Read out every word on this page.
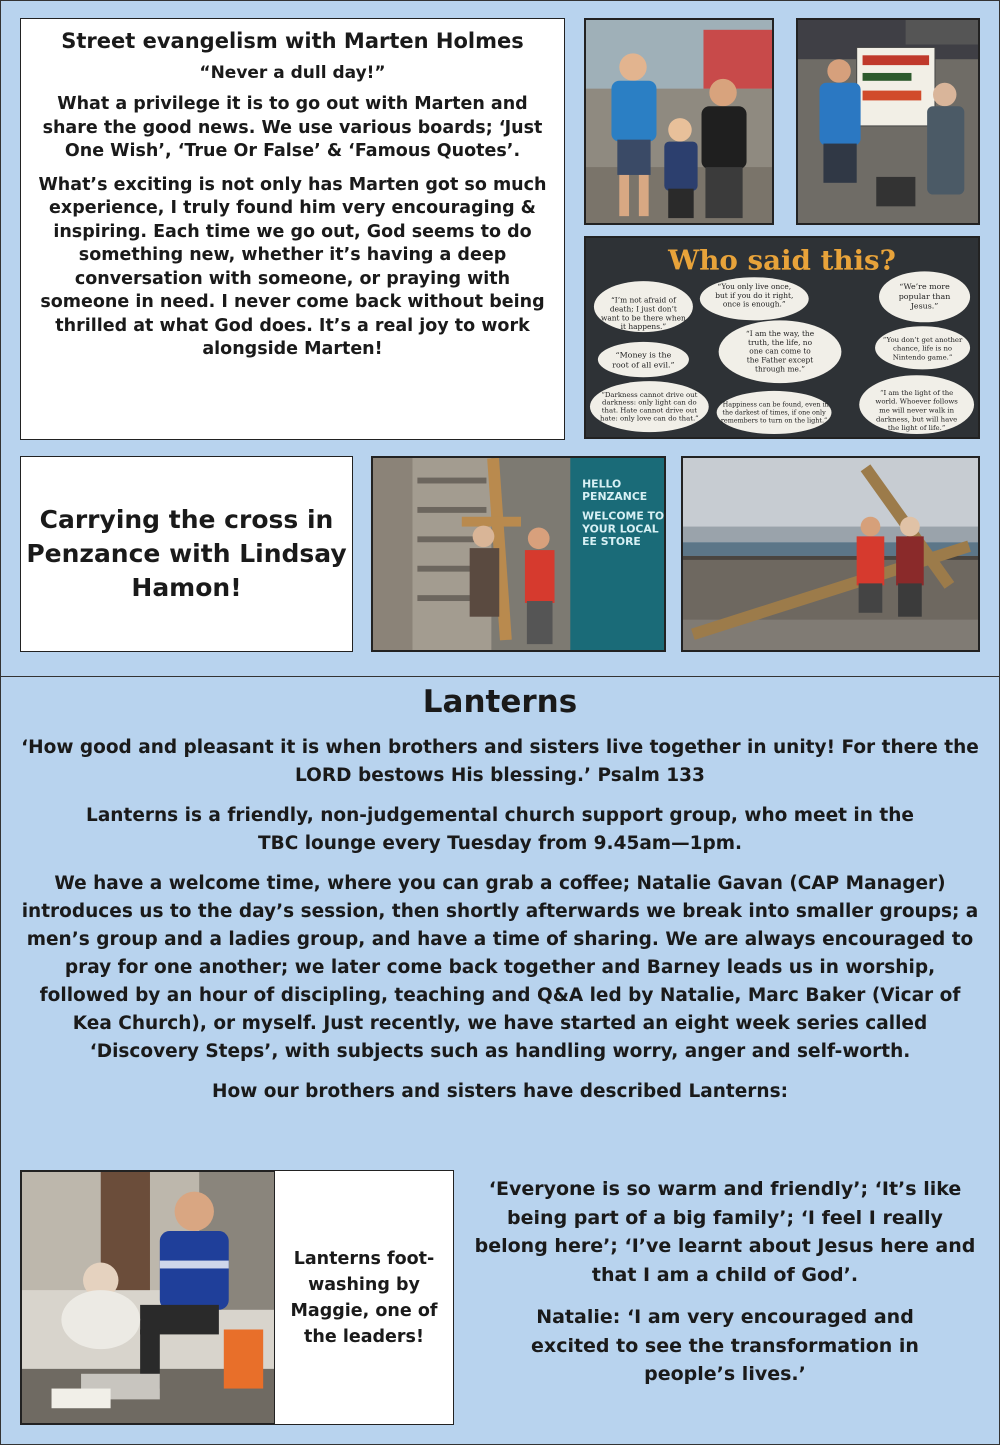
Street evangelism with Marten Holmes
“Never a dull day!”

What a privilege it is to go out with Marten and share the good news. We use various boards; ‘Just One Wish’, ‘True Or False’ & ‘Famous Quotes’.

What’s exciting is not only has Marten got so much experience, I truly found him very encouraging & inspiring. Each time we go out, God seems to do something new, whether it’s having a deep conversation with someone, or praying with someone in need. I never come back without being thrilled at what God does. It’s a real joy to work alongside Marten!

Who said this?
“I’m not afraid of death; I just don’t want to be there when it happens.”
“You only live once, but if you do it right, once is enough.”
“We’re more popular than Jesus.”
“Money is the root of all evil.”
“I am the way, the truth, the life, no one can come to the Father except through me.”
“You don’t get another chance, life is no Nintendo game.”
“Darkness cannot drive out darkness: only light can do that. Hate cannot drive out hate: only love can do that.”
“Happiness can be found, even in the darkest of times, if one only remembers to turn on the light.”
“I am the light of the world. Whoever follows me will never walk in darkness, but will have the light of life.”
Carrying the cross in Penzance with Lindsay Hamon!
HELLO PENZANCE WELCOME TO YOUR LOCAL EE STORE
Lanterns

‘How good and pleasant it is when brothers and sisters live together in unity! For there the LORD bestows His blessing.’ Psalm 133

Lanterns is a friendly, non-judgemental church support group, who meet in the TBC lounge every Tuesday from 9.45am—1pm.

We have a welcome time, where you can grab a coffee; Natalie Gavan (CAP Manager) introduces us to the day’s session, then shortly afterwards we break into smaller groups; a men’s group and a ladies group, and have a time of sharing. We are always encouraged to pray for one another; we later come back together and Barney leads us in worship, followed by an hour of discipling, teaching and Q&A led by Natalie, Marc Baker (Vicar of Kea Church), or myself. Just recently, we have started an eight week series called ‘Discovery Steps’, with subjects such as handling worry, anger and self-worth.

How our brothers and sisters have described Lanterns:

Lanterns foot-washing by Maggie, one of the leaders!

‘Everyone is so warm and friendly’; ‘It’s like being part of a big family’; ‘I feel I really belong here’; ‘I’ve learnt about Jesus here and that I am a child of God’.

Natalie: ‘I am very encouraged and excited to see the transformation in people’s lives.’
